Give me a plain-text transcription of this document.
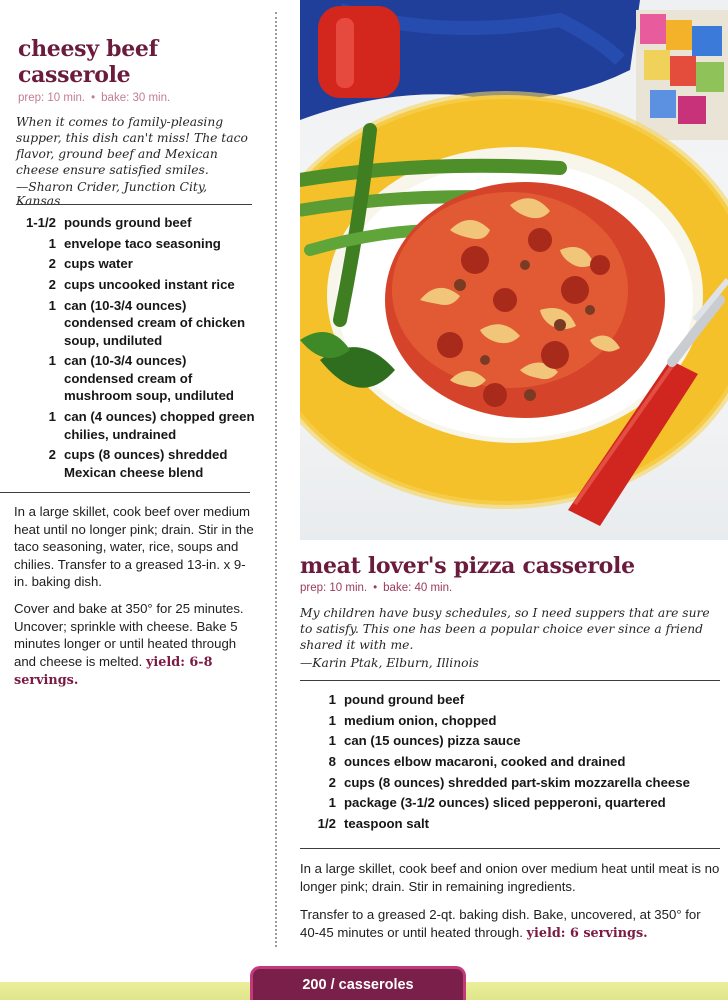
cheesy beef
casserole
prep: 10 min. • bake: 30 min.
When it comes to family-pleasing supper, this dish can't miss! The taco flavor, ground beef and Mexican cheese ensure satisfied smiles.
—Sharon Crider, Junction City, Kansas
1-1/2 pounds ground beef
1 envelope taco seasoning
2 cups water
2 cups uncooked instant rice
1 can (10-3/4 ounces) condensed cream of chicken soup, undiluted
1 can (10-3/4 ounces) condensed cream of mushroom soup, undiluted
1 can (4 ounces) chopped green chilies, undrained
2 cups (8 ounces) shredded Mexican cheese blend

In a large skillet, cook beef over medium heat until no longer pink; drain. Stir in the taco seasoning, water, rice, soups and chilies. Transfer to a greased 13-in. x 9-in. baking dish.

Cover and bake at 350° for 25 minutes. Uncover; sprinkle with cheese. Bake 5 minutes longer or until heated through and cheese is melted. yield: 6-8 servings.

meat lover's pizza casserole
prep: 10 min. • bake: 40 min.
My children have busy schedules, so I need suppers that are sure to satisfy. This one has been a popular choice ever since a friend shared it with me.
—Karin Ptak, Elburn, Illinois
1 pound ground beef
1 medium onion, chopped
1 can (15 ounces) pizza sauce
8 ounces elbow macaroni, cooked and drained
2 cups (8 ounces) shredded part-skim mozzarella cheese
1 package (3-1/2 ounces) sliced pepperoni, quartered
1/2 teaspoon salt

In a large skillet, cook beef and onion over medium heat until meat is no longer pink; drain. Stir in remaining ingredients.

Transfer to a greased 2-qt. baking dish. Bake, uncovered, at 350° for 40-45 minutes or until heated through. yield: 6 servings.

200 / casseroles
